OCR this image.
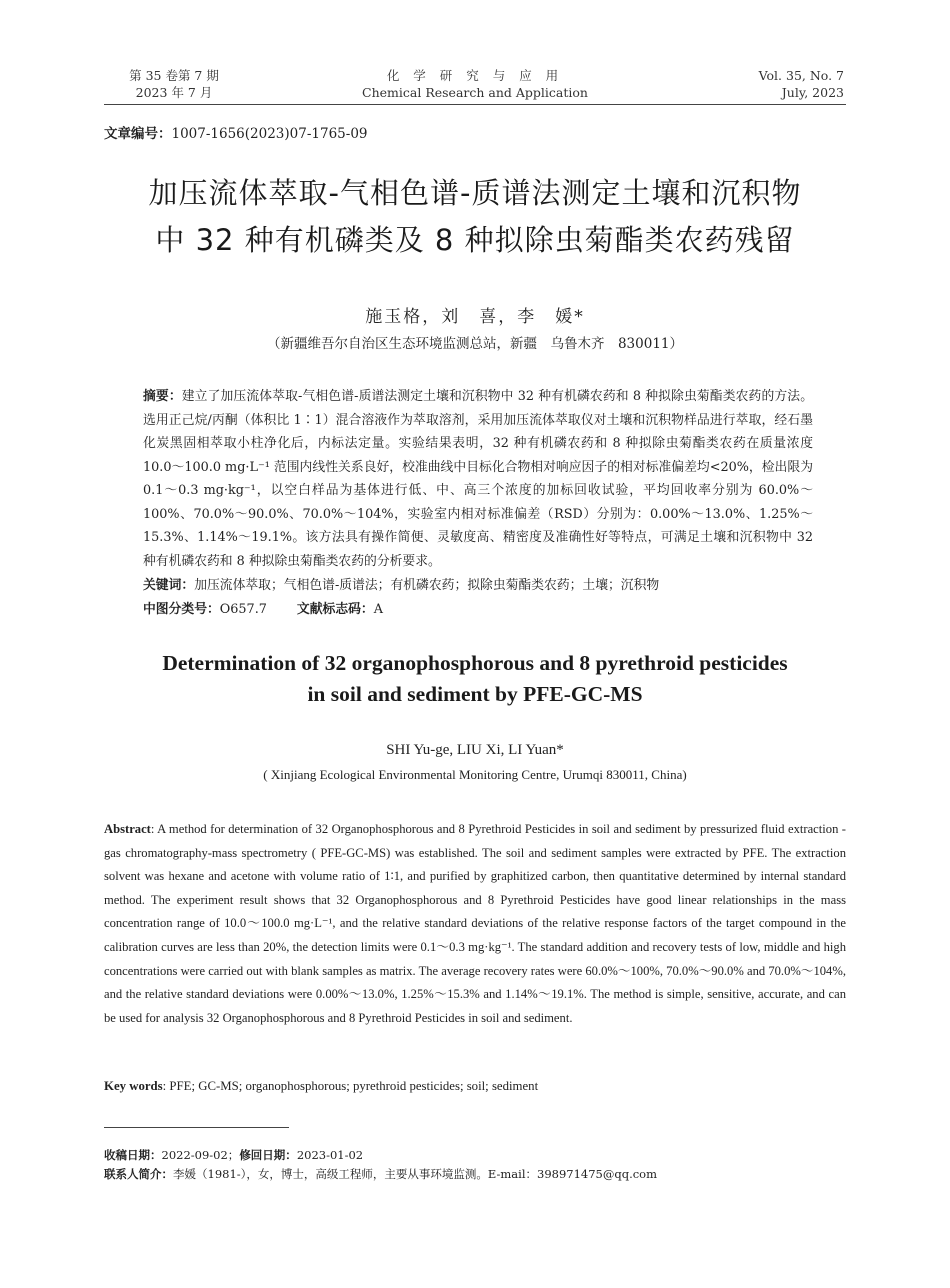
第 35 卷第 7 期
2023 年 7 月
化 学 研 究 与 应 用
Chemical Research and Application
Vol. 35, No. 7
July, 2023
文章编号：1007-1656(2023)07-1765-09
加压流体萃取-气相色谱-质谱法测定土壤和沉积物
中 32 种有机磷类及 8 种拟除虫菊酯类农药残留
施玉格，刘　喜，李　媛*
（新疆维吾尔自治区生态环境监测总站，新疆　乌鲁木齐　830011）
摘要：建立了加压流体萃取-气相色谱-质谱法测定土壤和沉积物中 32 种有机磷农药和 8 种拟除虫菊酯类农药的方法。选用正己烷/丙酮（体积比 1∶1）混合溶液作为萃取溶剂，采用加压流体萃取仪对土壤和沉积物样品进行萃取，经石墨化炭黑固相萃取小柱净化后，内标法定量。实验结果表明，32 种有机磷农药和 8 种拟除虫菊酯类农药在质量浓度 10.0～100.0 mg·L⁻¹ 范围内线性关系良好，校准曲线中目标化合物相对响应因子的相对标准偏差均<20%，检出限为 0.1～0.3 mg·kg⁻¹，以空白样品为基体进行低、中、高三个浓度的加标回收试验，平均回收率分别为 60.0%～100%、70.0%～90.0%、70.0%～104%，实验室内相对标准偏差（RSD）分别为：0.00%～13.0%、1.25%～15.3%、1.14%～19.1%。该方法具有操作简便、灵敏度高、精密度及准确性好等特点，可满足土壤和沉积物中 32 种有机磷农药和 8 种拟除虫菊酯类农药的分析要求。
关键词：加压流体萃取；气相色谱-质谱法；有机磷农药；拟除虫菊酯类农药；土壤；沉积物
中图分类号：O657.7 文献标志码：A
Determination of 32 organophosphorous and 8 pyrethroid pesticides
in soil and sediment by PFE-GC-MS
SHI Yu-ge, LIU Xi, LI Yuan*
( Xinjiang Ecological Environmental Monitoring Centre, Urumqi 830011, China)
Abstract: A method for determination of 32 Organophosphorous and 8 Pyrethroid Pesticides in soil and sediment by pressurized fluid extraction -gas chromatography-mass spectrometry ( PFE-GC-MS) was established. The soil and sediment samples were extracted by PFE. The extraction solvent was hexane and acetone with volume ratio of 1∶1, and purified by graphitized carbon, then quantitative determined by internal standard method. The experiment result shows that 32 Organophosphorous and 8 Pyrethroid Pesticides have good linear relationships in the mass concentration range of 10.0～100.0 mg·L⁻¹, and the relative standard deviations of the relative response factors of the target compound in the calibration curves are less than 20%, the detection limits were 0.1～0.3 mg·kg⁻¹. The standard addition and recovery tests of low, middle and high concentrations were carried out with blank samples as matrix. The average recovery rates were 60.0%～100%, 70.0%～90.0% and 70.0%～104%, and the relative standard deviations were 0.00%～13.0%, 1.25%～15.3% and 1.14%～19.1%. The method is simple, sensitive, accurate, and can be used for analysis 32 Organophosphorous and 8 Pyrethroid Pesticides in soil and sediment.
Key words: PFE; GC-MS; organophosphorous; pyrethroid pesticides; soil; sediment
收稿日期：2022-09-02；修回日期：2023-01-02
联系人简介：李媛（1981-），女，博士，高级工程师，主要从事环境监测。E-mail：398971475@qq.com
